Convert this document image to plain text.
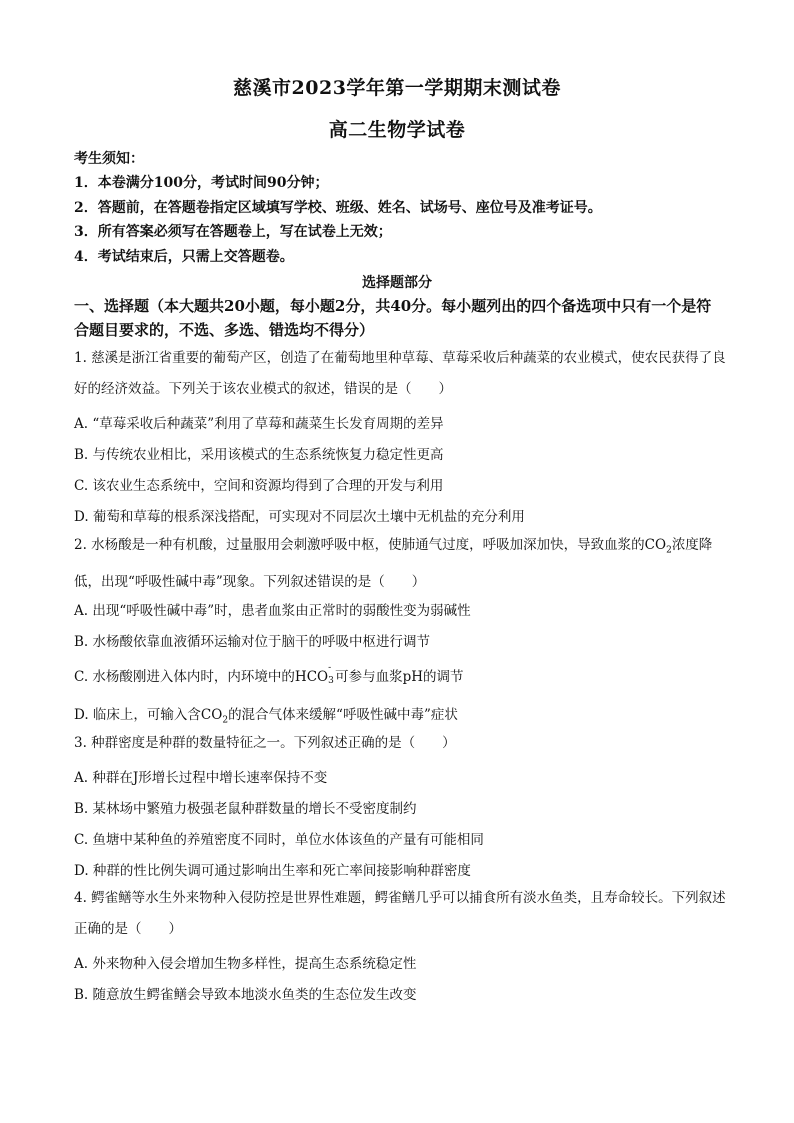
慈溪市2023学年第一学期期末测试卷
高二生物学试卷
考生须知：
1．本卷满分100分，考试时间90分钟；
2．答题前，在答题卷指定区域填写学校、班级、姓名、试场号、座位号及准考证号。
3．所有答案必须写在答题卷上，写在试卷上无效；
4．考试结束后，只需上交答题卷。
选择题部分
一、选择题（本大题共20小题，每小题2分，共40分。每小题列出的四个备选项中只有一个是符合题目要求的，不选、多选、错选均不得分）
1. 慈溪是浙江省重要的葡萄产区，创造了在葡萄地里种草莓、草莓采收后种蔬菜的农业模式，使农民获得了良好的经济效益。下列关于该农业模式的叙述，错误的是（　　）
A. “草莓采收后种蔬菜”利用了草莓和蔬菜生长发育周期的差异
B. 与传统农业相比，采用该模式的生态系统恢复力稳定性更高
C. 该农业生态系统中，空间和资源均得到了合理的开发与利用
D. 葡萄和草莓的根系深浅搭配，可实现对不同层次土壤中无机盐的充分利用
2. 水杨酸是一种有机酸，过量服用会刺激呼吸中枢，使肺通气过度，呼吸加深加快，导致血浆的$CO_2$浓度降低，出现“呼吸性碱中毒”现象。下列叙述错误的是（　　）
A. 出现“呼吸性碱中毒”时，患者血浆由正常时的弱酸性变为弱碱性
B. 水杨酸依靠血液循环运输对位于脑干的呼吸中枢进行调节
C. 水杨酸刚进入体内时，内环境中的HCO
-
3 可参与血浆pH的调节
D. 临床上，可输入含$CO_2$的混合气体来缓解“呼吸性碱中毒”症状
3. 种群密度是种群的数量特征之一。下列叙述正确的是（　　）
A. 种群在J形增长过程中增长速率保持不变
B. 某林场中繁殖力极强老鼠种群数量的增长不受密度制约
C. 鱼塘中某种鱼的养殖密度不同时，单位水体该鱼的产量有可能相同
D. 种群的性比例失调可通过影响出生率和死亡率间接影响种群密度
4. 鳄雀鳝等水生外来物种入侵防控是世界性难题，鳄雀鳝几乎可以捕食所有淡水鱼类，且寿命较长。下列叙述正确的是（　　）
A. 外来物种入侵会增加生物多样性，提高生态系统稳定性
B. 随意放生鳄雀鳝会导致本地淡水鱼类的生态位发生改变
